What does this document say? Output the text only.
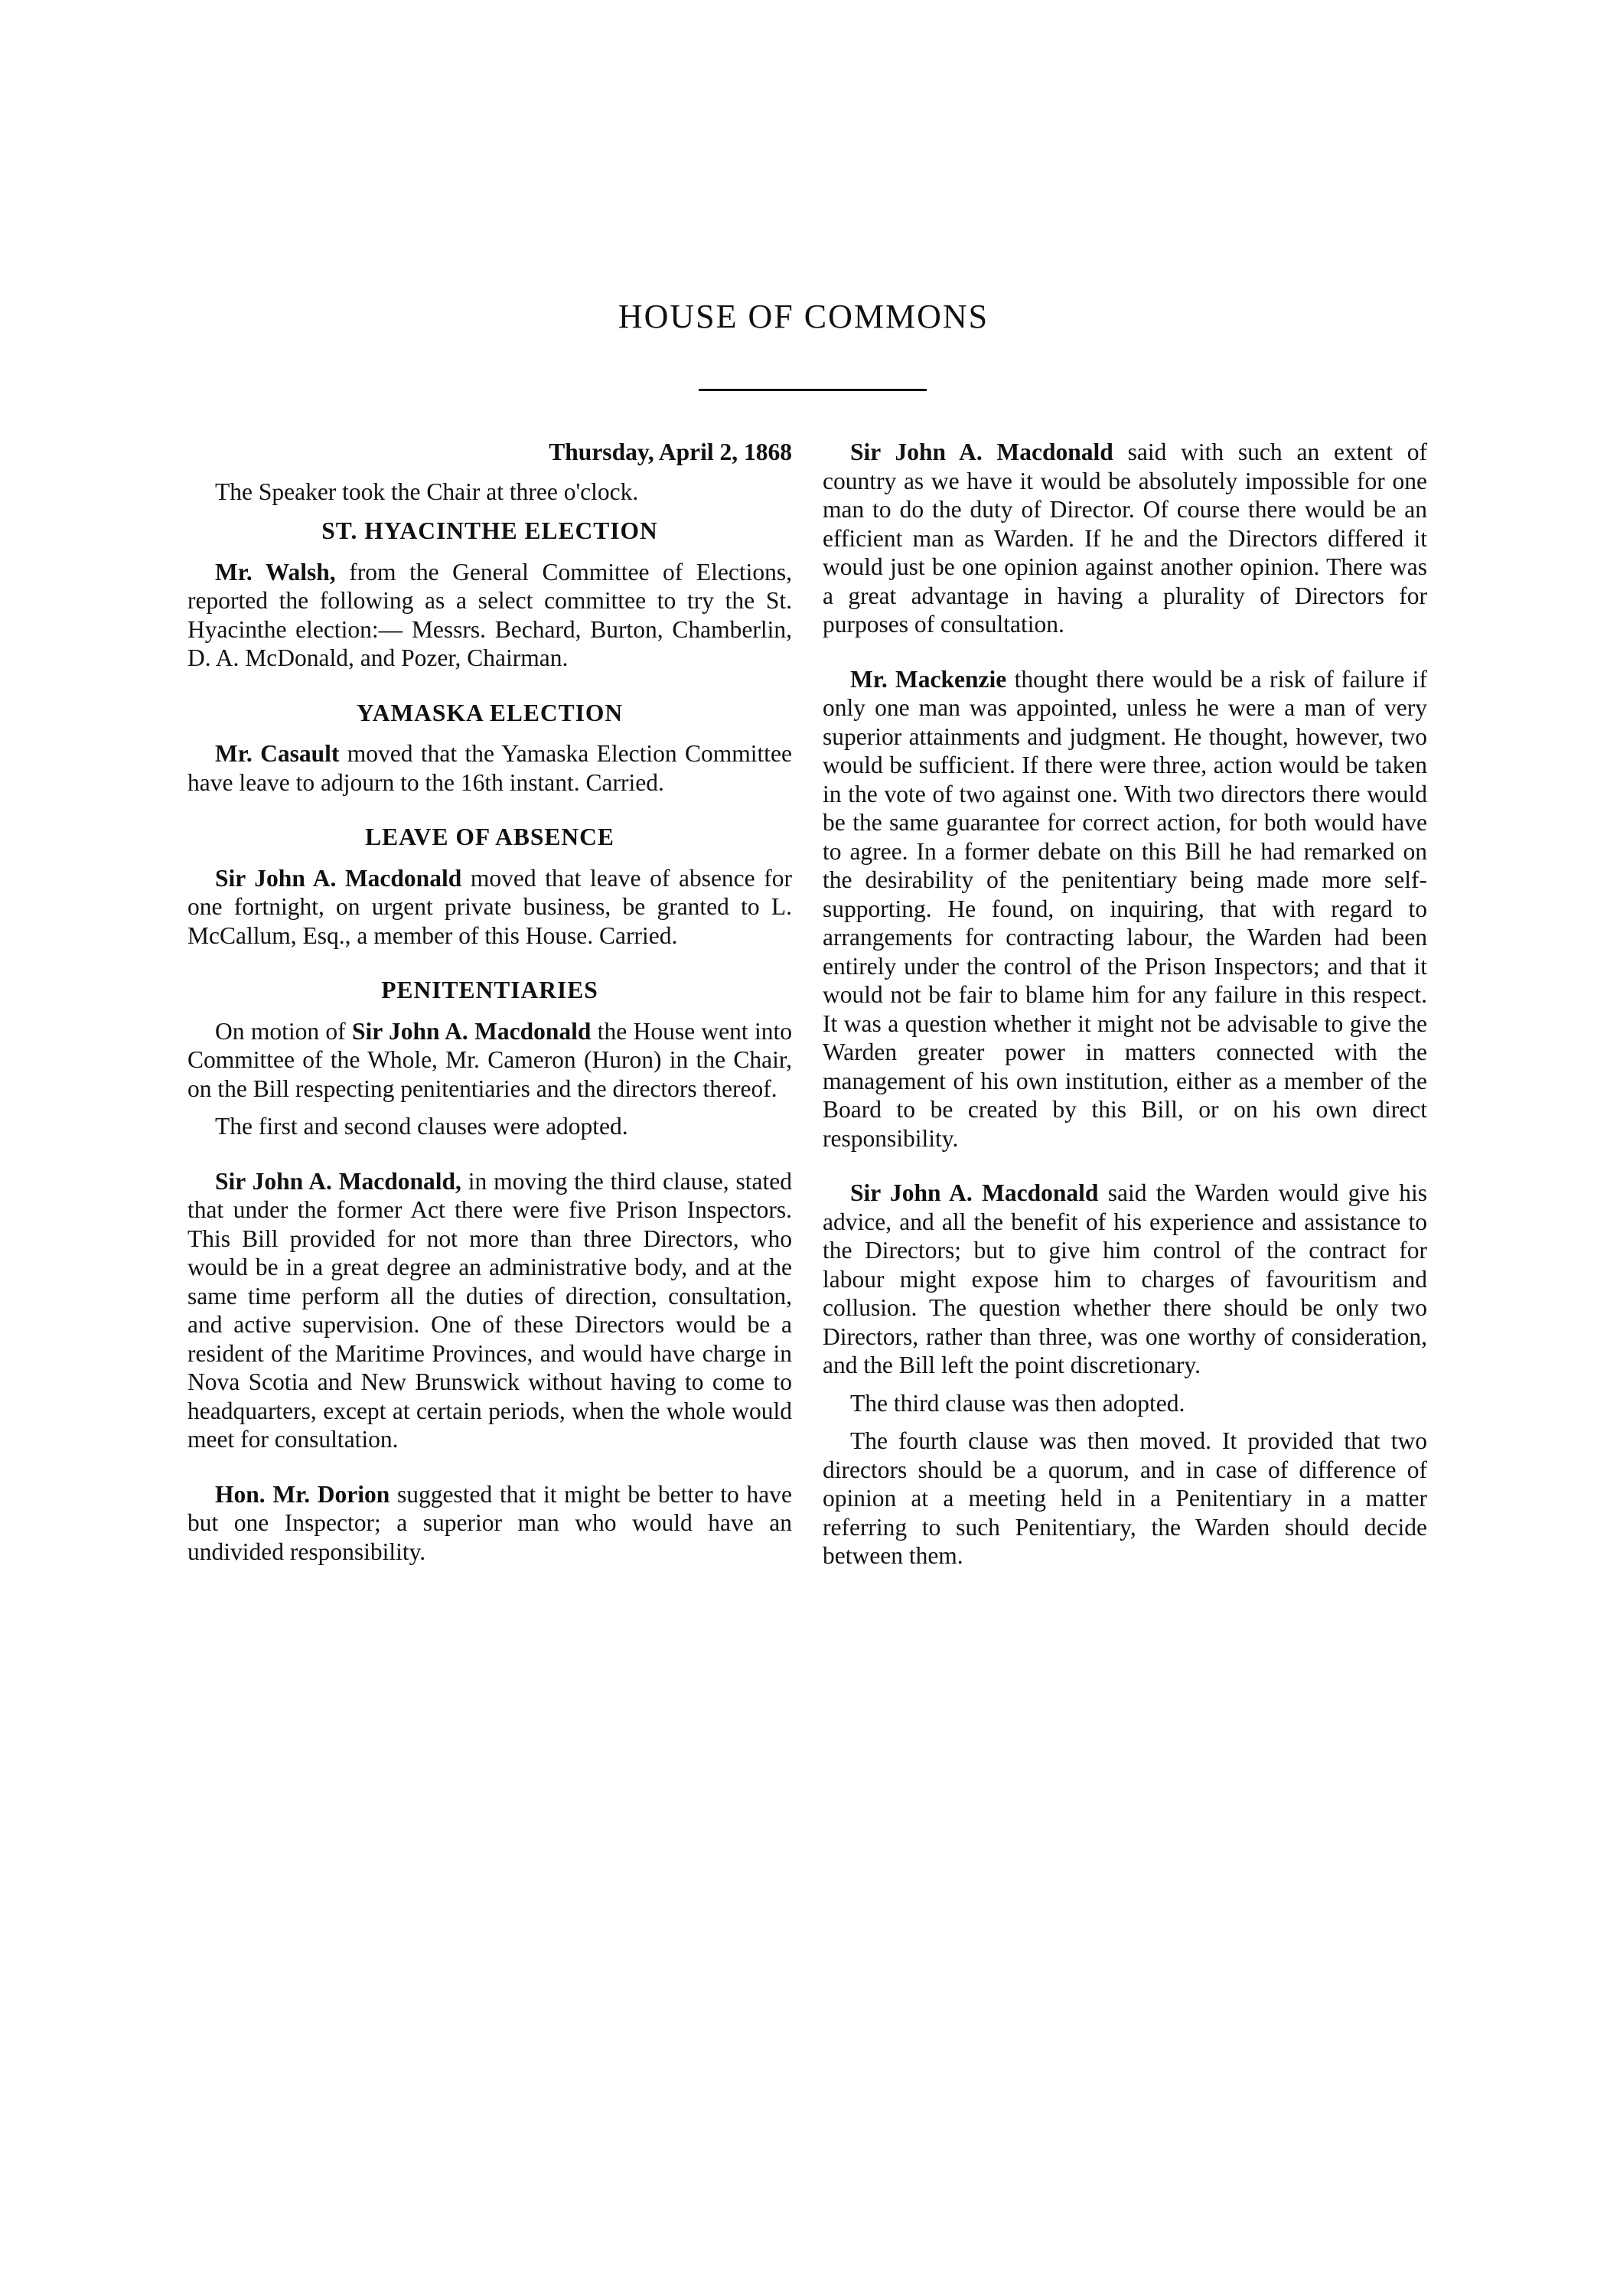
HOUSE OF COMMONS

Thursday, April 2, 1868

The Speaker took the Chair at three o'clock.

ST. HYACINTHE ELECTION

Mr. Walsh, from the General Committee of Elections, reported the following as a select committee to try the St. Hyacinthe election:— Messrs. Bechard, Burton, Chamberlin, D. A. McDonald, and Pozer, Chairman.

YAMASKA ELECTION

Mr. Casault moved that the Yamaska Election Committee have leave to adjourn to the 16th instant. Carried.

LEAVE OF ABSENCE

Sir John A. Macdonald moved that leave of absence for one fortnight, on urgent private business, be granted to L. McCallum, Esq., a member of this House. Carried.

PENITENTIARIES

On motion of Sir John A. Macdonald the House went into Committee of the Whole, Mr. Cameron (Huron) in the Chair, on the Bill respecting penitentiaries and the directors thereof.

The first and second clauses were adopted.

Sir John A. Macdonald, in moving the third clause, stated that under the former Act there were five Prison Inspectors. This Bill provided for not more than three Directors, who would be in a great degree an administrative body, and at the same time perform all the duties of direction, consultation, and active supervision. One of these Directors would be a resident of the Maritime Provinces, and would have charge in Nova Scotia and New Brunswick without having to come to headquarters, except at certain periods, when the whole would meet for consultation.

Hon. Mr. Dorion suggested that it might be better to have but one Inspector; a superior man who would have an undivided responsibility.

Sir John A. Macdonald said with such an extent of country as we have it would be absolutely impossible for one man to do the duty of Director. Of course there would be an efficient man as Warden. If he and the Directors differed it would just be one opinion against another opinion. There was a great advantage in having a plurality of Directors for purposes of consultation.

Mr. Mackenzie thought there would be a risk of failure if only one man was appointed, unless he were a man of very superior attainments and judgment. He thought, however, two would be sufficient. If there were three, action would be taken in the vote of two against one. With two directors there would be the same guarantee for correct action, for both would have to agree. In a former debate on this Bill he had remarked on the desirability of the penitentiary being made more self-supporting. He found, on inquiring, that with regard to arrangements for contracting labour, the Warden had been entirely under the control of the Prison Inspectors; and that it would not be fair to blame him for any failure in this respect. It was a question whether it might not be advisable to give the Warden greater power in matters connected with the management of his own institution, either as a member of the Board to be created by this Bill, or on his own direct responsibility.

Sir John A. Macdonald said the Warden would give his advice, and all the benefit of his experience and assistance to the Directors; but to give him control of the contract for labour might expose him to charges of favouritism and collusion. The question whether there should be only two Directors, rather than three, was one worthy of consideration, and the Bill left the point discretionary.

The third clause was then adopted.

The fourth clause was then moved. It provided that two directors should be a quorum, and in case of difference of opinion at a meeting held in a Penitentiary in a matter referring to such Penitentiary, the Warden should decide between them.
